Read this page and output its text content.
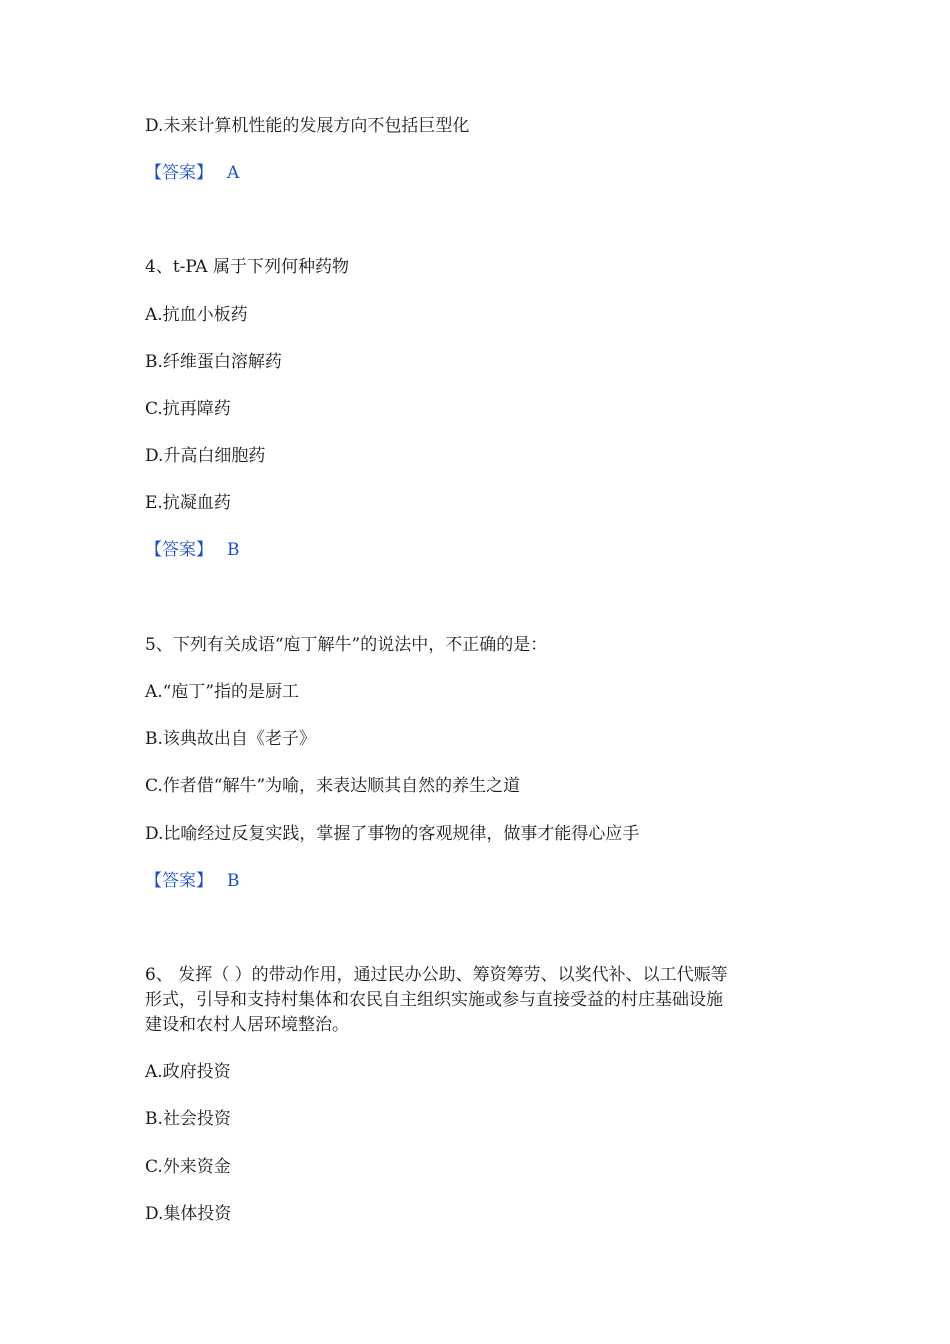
D.未来计算机性能的发展方向不包括巨型化
【答案】 A
4、t-PA 属于下列何种药物
A.抗血小板药
B.纤维蛋白溶解药
C.抗再障药
D.升高白细胞药
E.抗凝血药
【答案】 B
5、下列有关成语“庖丁解牛”的说法中，不正确的是：
A.“庖丁”指的是厨工
B.该典故出自《老子》
C.作者借“解牛”为喻，来表达顺其自然的养生之道
D.比喻经过反复实践，掌握了事物的客观规律，做事才能得心应手
【答案】 B
6、 发挥（ ）的带动作用，通过民办公助、筹资筹劳、以奖代补、以工代赈等
形式，引导和支持村集体和农民自主组织实施或参与直接受益的村庄基础设施
建设和农村人居环境整治。
A.政府投资
B.社会投资
C.外来资金
D.集体投资
